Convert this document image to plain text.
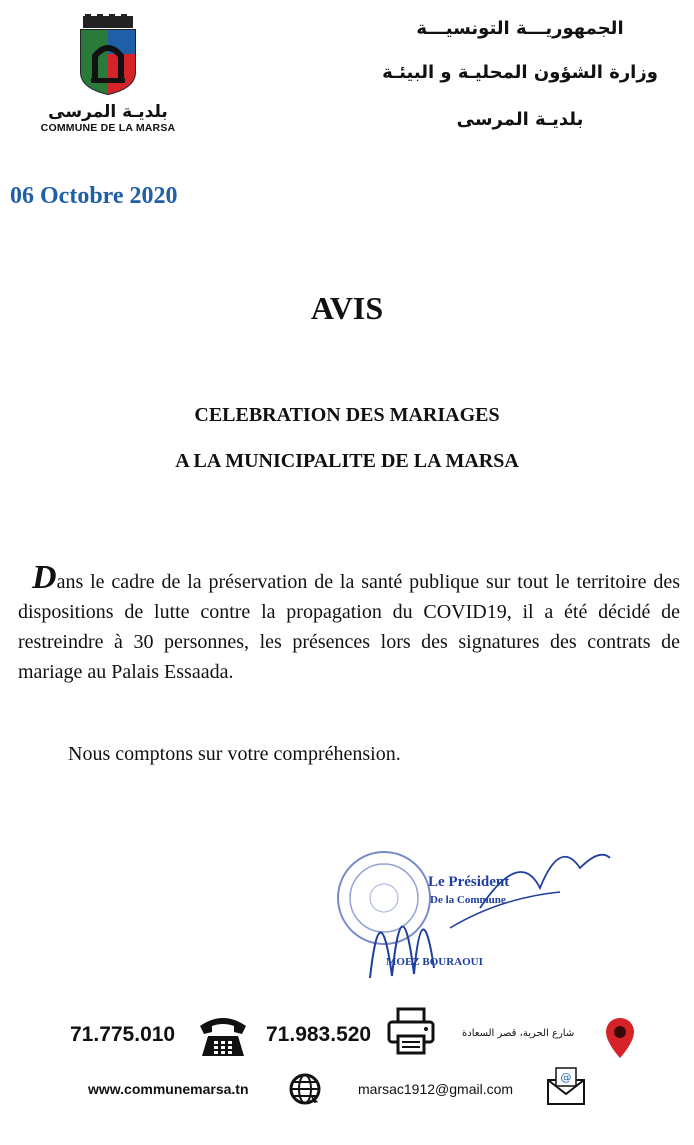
بلديـة المرسى
COMMUNE DE LA MARSA
الجمهوريـــة التونسيـــة
وزارة الشؤون المحليـة و البيئـة
بلديـة المرسى
06 Octobre 2020
AVIS
CELEBRATION DES MARIAGES
A LA MUNICIPALITE DE LA MARSA

Dans le cadre de la préservation de la santé publique sur tout le territoire des dispositions de lutte contre la propagation du COVID19, il a été décidé de restreindre à 30 personnes, les présences lors des signatures des contrats de mariage au Palais Essaada.

Nous comptons sur votre compréhension.
Le Président
De la Commune
MOEZ BOURAOUI
71.775.010	71.983.520	شارع الحرية، قصر السعادة
www.communemarsa.tn	marsac1912@gmail.com
@
